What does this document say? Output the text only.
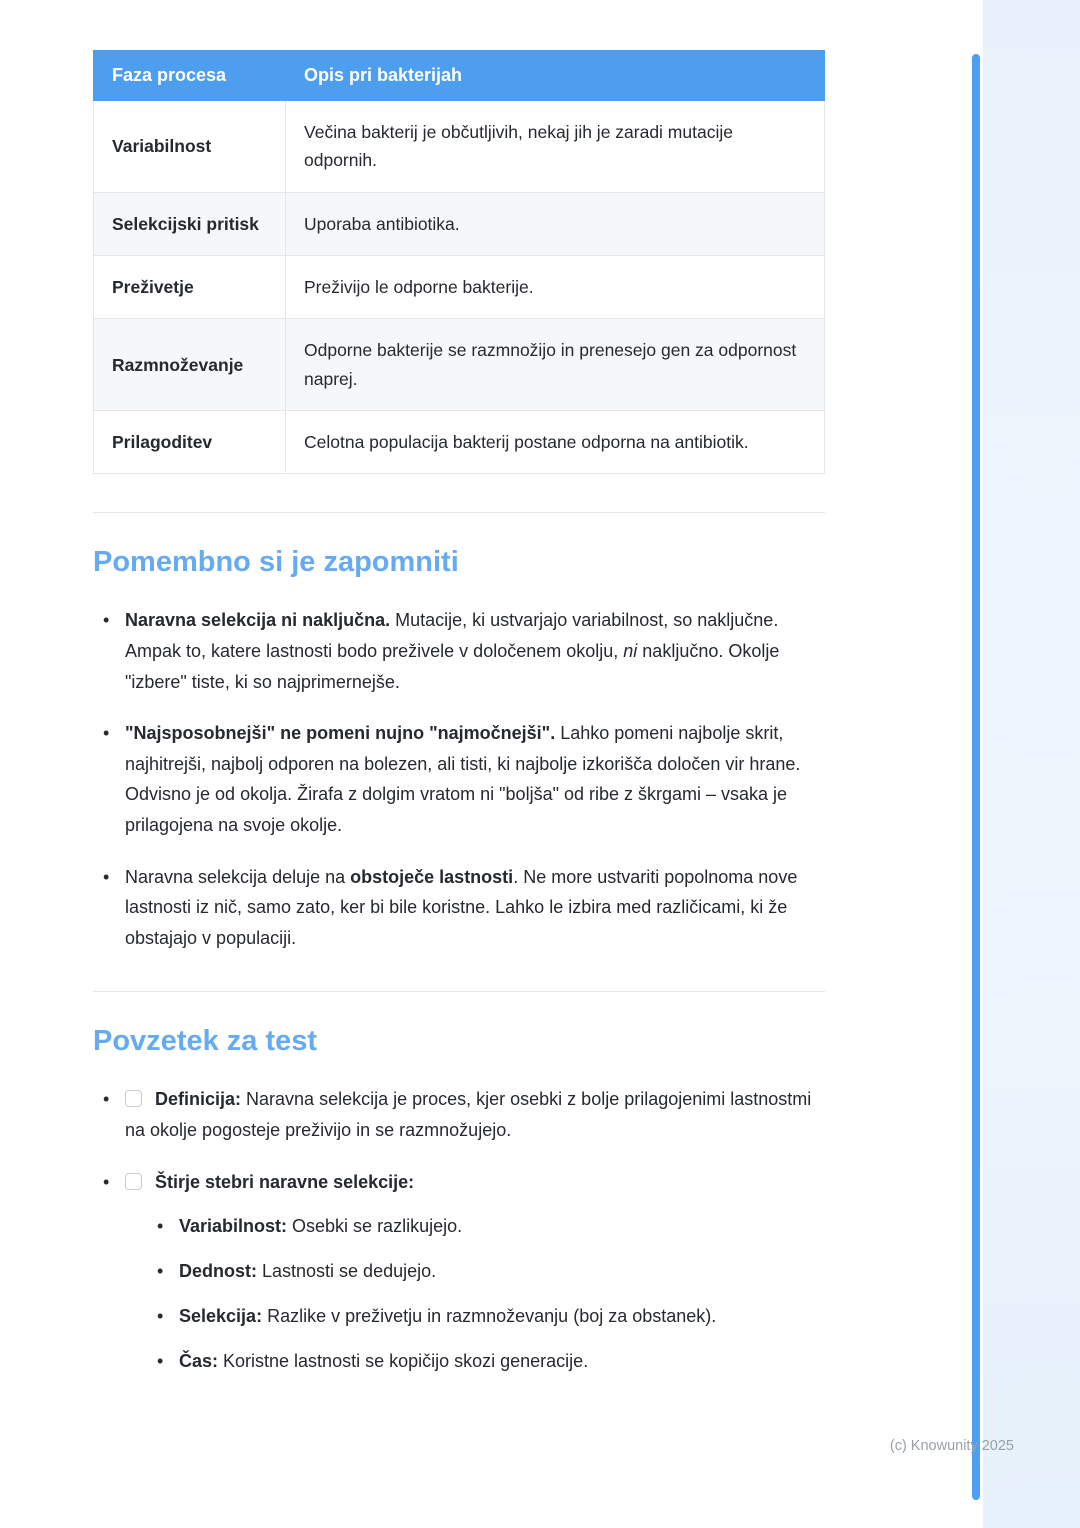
Faza procesa	Opis pri bakterijah
Variabilnost	Večina bakterij je občutljivih, nekaj jih je zaradi mutacije odpornih.
Selekcijski pritisk	Uporaba antibiotika.
Preživetje	Preživijo le odporne bakterije.
Razmnoževanje	Odporne bakterije se razmnožijo in prenesejo gen za odpornost naprej.
Prilagoditev	Celotna populacija bakterij postane odporna na antibiotik.
Pomembno si je zapomniti
• Naravna selekcija ni naključna. Mutacije, ki ustvarjajo variabilnost, so naključne. Ampak to, katere lastnosti bodo preživele v določenem okolju, ni naključno. Okolje "izbere" tiste, ki so najprimernejše.
• "Najsposobnejši" ne pomeni nujno "najmočnejši". Lahko pomeni najbolje skrit, najhitrejši, najbolj odporen na bolezen, ali tisti, ki najbolje izkorišča določen vir hrane. Odvisno je od okolja. Žirafa z dolgim vratom ni "boljša" od ribe z škrgami – vsaka je prilagojena na svoje okolje.
• Naravna selekcija deluje na obstoječe lastnosti. Ne more ustvariti popolnoma nove lastnosti iz nič, samo zato, ker bi bile koristne. Lahko le izbira med različicami, ki že obstajajo v populaciji.
Povzetek za test
•	Definicija: Naravna selekcija je proces, kjer osebki z bolje prilagojenimi lastnostmi na okolje pogosteje preživijo in se razmnožujejo.
•	Štirje stebri naravne selekcije:
• Variabilnost: Osebki se razlikujejo.
• Dednost: Lastnosti se dedujejo.
• Selekcija: Razlike v preživetju in razmnoževanju (boj za obstanek).
• Čas: Koristne lastnosti se kopičijo skozi generacije.
(c) Knowunity 2025
